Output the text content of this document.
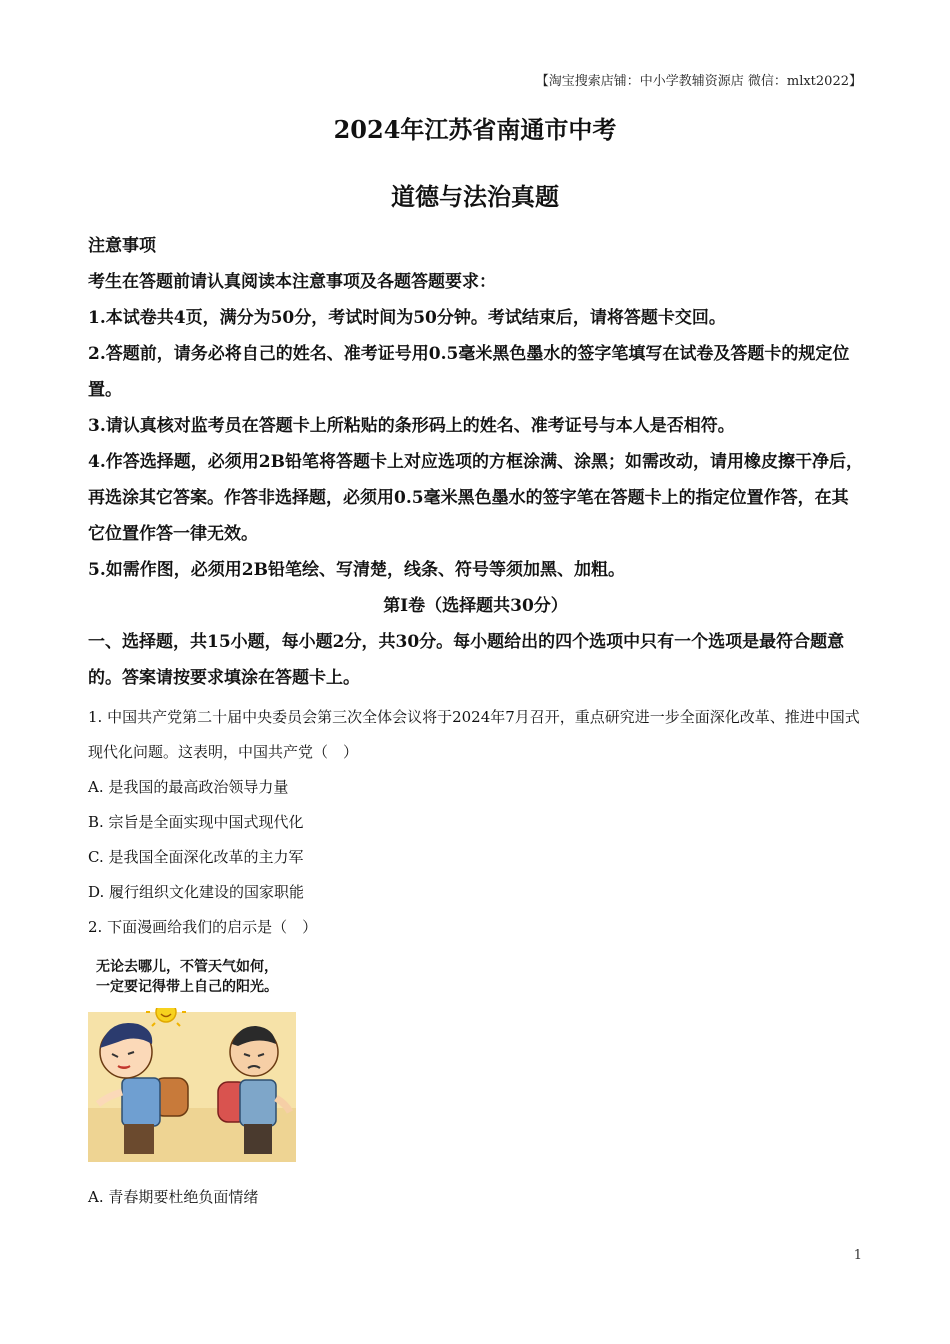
【淘宝搜索店铺：中小学教辅资源店 微信：mlxt2022】
2024年江苏省南通市中考
道德与法治真题

注意事项

考生在答题前请认真阅读本注意事项及各题答题要求：

1.本试卷共4页，满分为50分，考试时间为50分钟。考试结束后，请将答题卡交回。

2.答题前，请务必将自己的姓名、准考证号用0.5毫米黑色墨水的签字笔填写在试卷及答题卡的规定位置。

3.请认真核对监考员在答题卡上所粘贴的条形码上的姓名、准考证号与本人是否相符。

4.作答选择题，必须用2B铅笔将答题卡上对应选项的方框涂满、涂黑；如需改动，请用橡皮擦干净后，再选涂其它答案。作答非选择题，必须用0.5毫米黑色墨水的签字笔在答题卡上的指定位置作答，在其它位置作答一律无效。

5.如需作图，必须用2B铅笔绘、写清楚，线条、符号等须加黑、加粗。

第Ⅰ卷（选择题共30分）

一、选择题，共15小题，每小题2分，共30分。每小题给出的四个选项中只有一个选项是最符合题意的。答案请按要求填涂在答题卡上。

1. 中国共产党第二十届中央委员会第三次全体会议将于2024年7月召开，重点研究进一步全面深化改革、推进中国式现代化问题。这表明，中国共产党（　）

A. 是我国的最高政治领导力量

B. 宗旨是全面实现中国式现代化

C. 是我国全面深化改革的主力军

D. 履行组织文化建设的国家职能

2. 下面漫画给我们的启示是（　）

无论去哪儿，不管天气如何，
一定要记得带上自己的阳光。

A. 青春期要杜绝负面情绪

1
